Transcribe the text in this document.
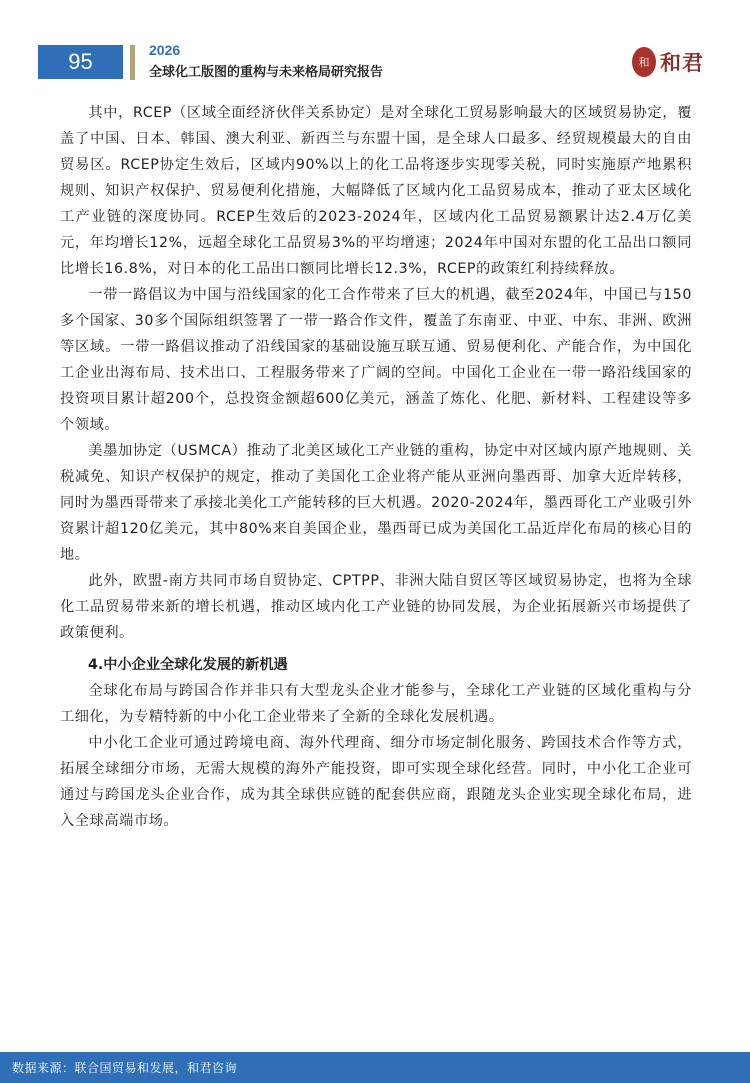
95	2026
全球化工版图的重构与未来格局研究报告
和 和君

其中，RCEP（区域全面经济伙伴关系协定）是对全球化工贸易影响最大的区域贸易协定，覆盖了中国、日本、韩国、澳大利亚、新西兰与东盟十国，是全球人口最多、经贸规模最大的自由贸易区。RCEP协定生效后，区域内90%以上的化工品将逐步实现零关税，同时实施原产地累积规则、知识产权保护、贸易便利化措施，大幅降低了区域内化工品贸易成本，推动了亚太区域化工产业链的深度协同。RCEP生效后的2023-2024年，区域内化工品贸易额累计达2.4万亿美元，年均增长12%，远超全球化工品贸易3%的平均增速；2024年中国对东盟的化工品出口额同比增长16.8%，对日本的化工品出口额同比增长12.3%，RCEP的政策红利持续释放。

一带一路倡议为中国与沿线国家的化工合作带来了巨大的机遇，截至2024年，中国已与150多个国家、30多个国际组织签署了一带一路合作文件，覆盖了东南亚、中亚、中东、非洲、欧洲等区域。一带一路倡议推动了沿线国家的基础设施互联互通、贸易便利化、产能合作，为中国化工企业出海布局、技术出口、工程服务带来了广阔的空间。中国化工企业在一带一路沿线国家的投资项目累计超200个，总投资金额超600亿美元，涵盖了炼化、化肥、新材料、工程建设等多个领域。

美墨加协定（USMCA）推动了北美区域化工产业链的重构，协定中对区域内原产地规则、关税减免、知识产权保护的规定，推动了美国化工企业将产能从亚洲向墨西哥、加拿大近岸转移，同时为墨西哥带来了承接北美化工产能转移的巨大机遇。2020-2024年，墨西哥化工产业吸引外资累计超120亿美元，其中80%来自美国企业，墨西哥已成为美国化工品近岸化布局的核心目的地。

此外，欧盟-南方共同市场自贸协定、CPTPP、非洲大陆自贸区等区域贸易协定，也将为全球化工品贸易带来新的增长机遇，推动区域内化工产业链的协同发展，为企业拓展新兴市场提供了政策便利。

4.中小企业全球化发展的新机遇

全球化布局与跨国合作并非只有大型龙头企业才能参与，全球化工产业链的区域化重构与分工细化，为专精特新的中小化工企业带来了全新的全球化发展机遇。

中小化工企业可通过跨境电商、海外代理商、细分市场定制化服务、跨国技术合作等方式，拓展全球细分市场，无需大规模的海外产能投资，即可实现全球化经营。同时，中小化工企业可通过与跨国龙头企业合作，成为其全球供应链的配套供应商，跟随龙头企业实现全球化布局，进入全球高端市场。

数据来源：联合国贸易和发展，和君咨询
